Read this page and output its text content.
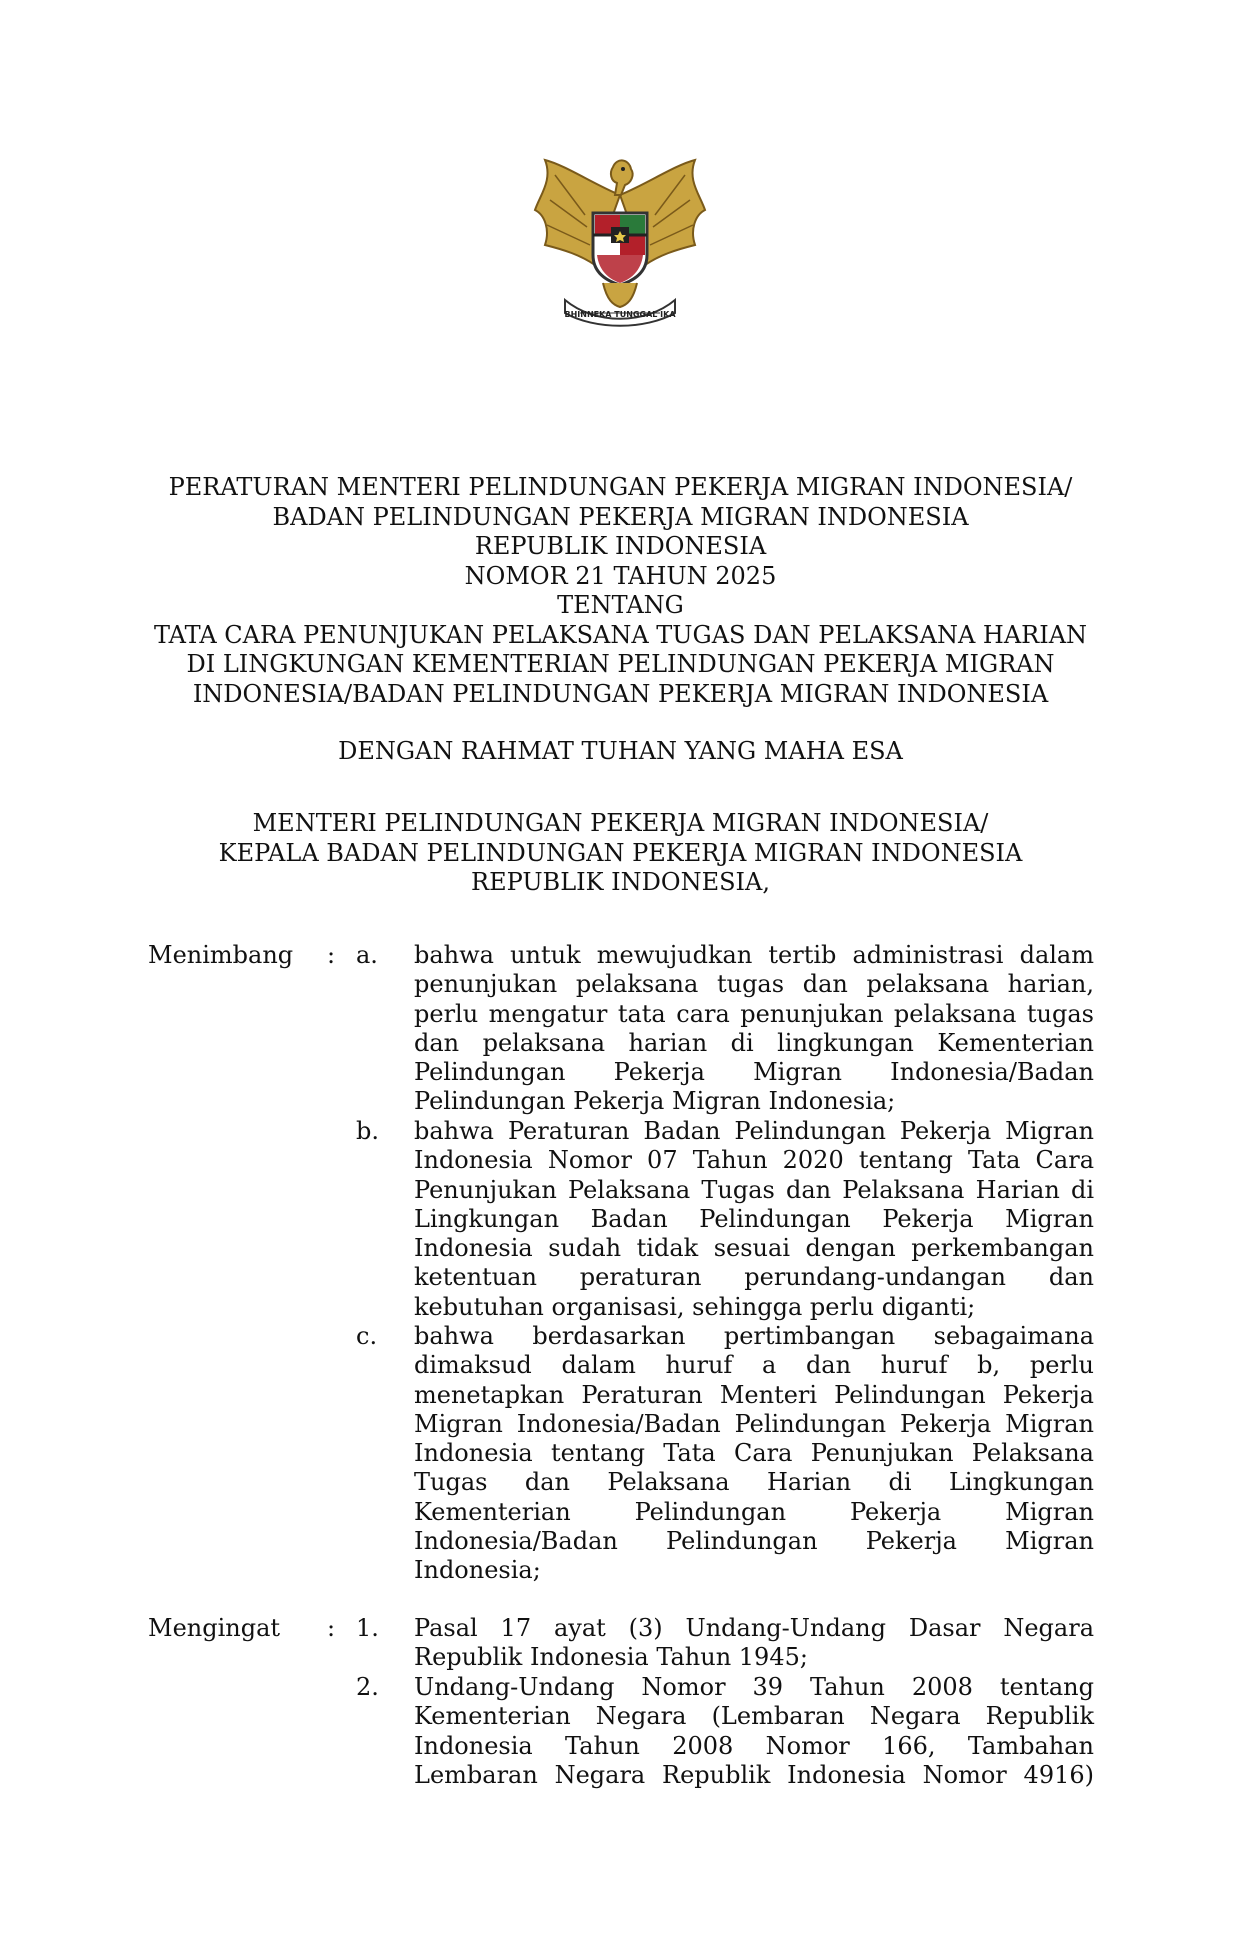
BHINNEKA TUNGGAL IKA
PERATURAN MENTERI PELINDUNGAN PEKERJA MIGRAN INDONESIA/
BADAN PELINDUNGAN PEKERJA MIGRAN INDONESIA
REPUBLIK INDONESIA
NOMOR 21 TAHUN 2025
TENTANG
TATA CARA PENUNJUKAN PELAKSANA TUGAS DAN PELAKSANA HARIAN
DI LINGKUNGAN KEMENTERIAN PELINDUNGAN PEKERJA MIGRAN
INDONESIA/BADAN PELINDUNGAN PEKERJA MIGRAN INDONESIA
DENGAN RAHMAT TUHAN YANG MAHA ESA
MENTERI PELINDUNGAN PEKERJA MIGRAN INDONESIA/
KEPALA BADAN PELINDUNGAN PEKERJA MIGRAN INDONESIA
REPUBLIK INDONESIA,
Menimbang : a. bahwa untuk mewujudkan tertib administrasi dalam
penunjukan pelaksana tugas dan pelaksana harian,
perlu mengatur tata cara penunjukan pelaksana tugas
dan pelaksana harian di lingkungan Kementerian
Pelindungan Pekerja Migran Indonesia/Badan
Pelindungan Pekerja Migran Indonesia;
b. bahwa Peraturan Badan Pelindungan Pekerja Migran
Indonesia Nomor 07 Tahun 2020 tentang Tata Cara
Penunjukan Pelaksana Tugas dan Pelaksana Harian di
Lingkungan Badan Pelindungan Pekerja Migran
Indonesia sudah tidak sesuai dengan perkembangan
ketentuan peraturan perundang-undangan dan
kebutuhan organisasi, sehingga perlu diganti;
c. bahwa berdasarkan pertimbangan sebagaimana
dimaksud dalam huruf a dan huruf b, perlu
menetapkan Peraturan Menteri Pelindungan Pekerja
Migran Indonesia/Badan Pelindungan Pekerja Migran
Indonesia tentang Tata Cara Penunjukan Pelaksana
Tugas dan Pelaksana Harian di Lingkungan
Kementerian Pelindungan Pekerja Migran
Indonesia/Badan Pelindungan Pekerja Migran
Indonesia;
Mengingat : 1. Pasal 17 ayat (3) Undang-Undang Dasar Negara
Republik Indonesia Tahun 1945;
2. Undang-Undang Nomor 39 Tahun 2008 tentang
Kementerian Negara (Lembaran Negara Republik
Indonesia Tahun 2008 Nomor 166, Tambahan
Lembaran Negara Republik Indonesia Nomor 4916)
